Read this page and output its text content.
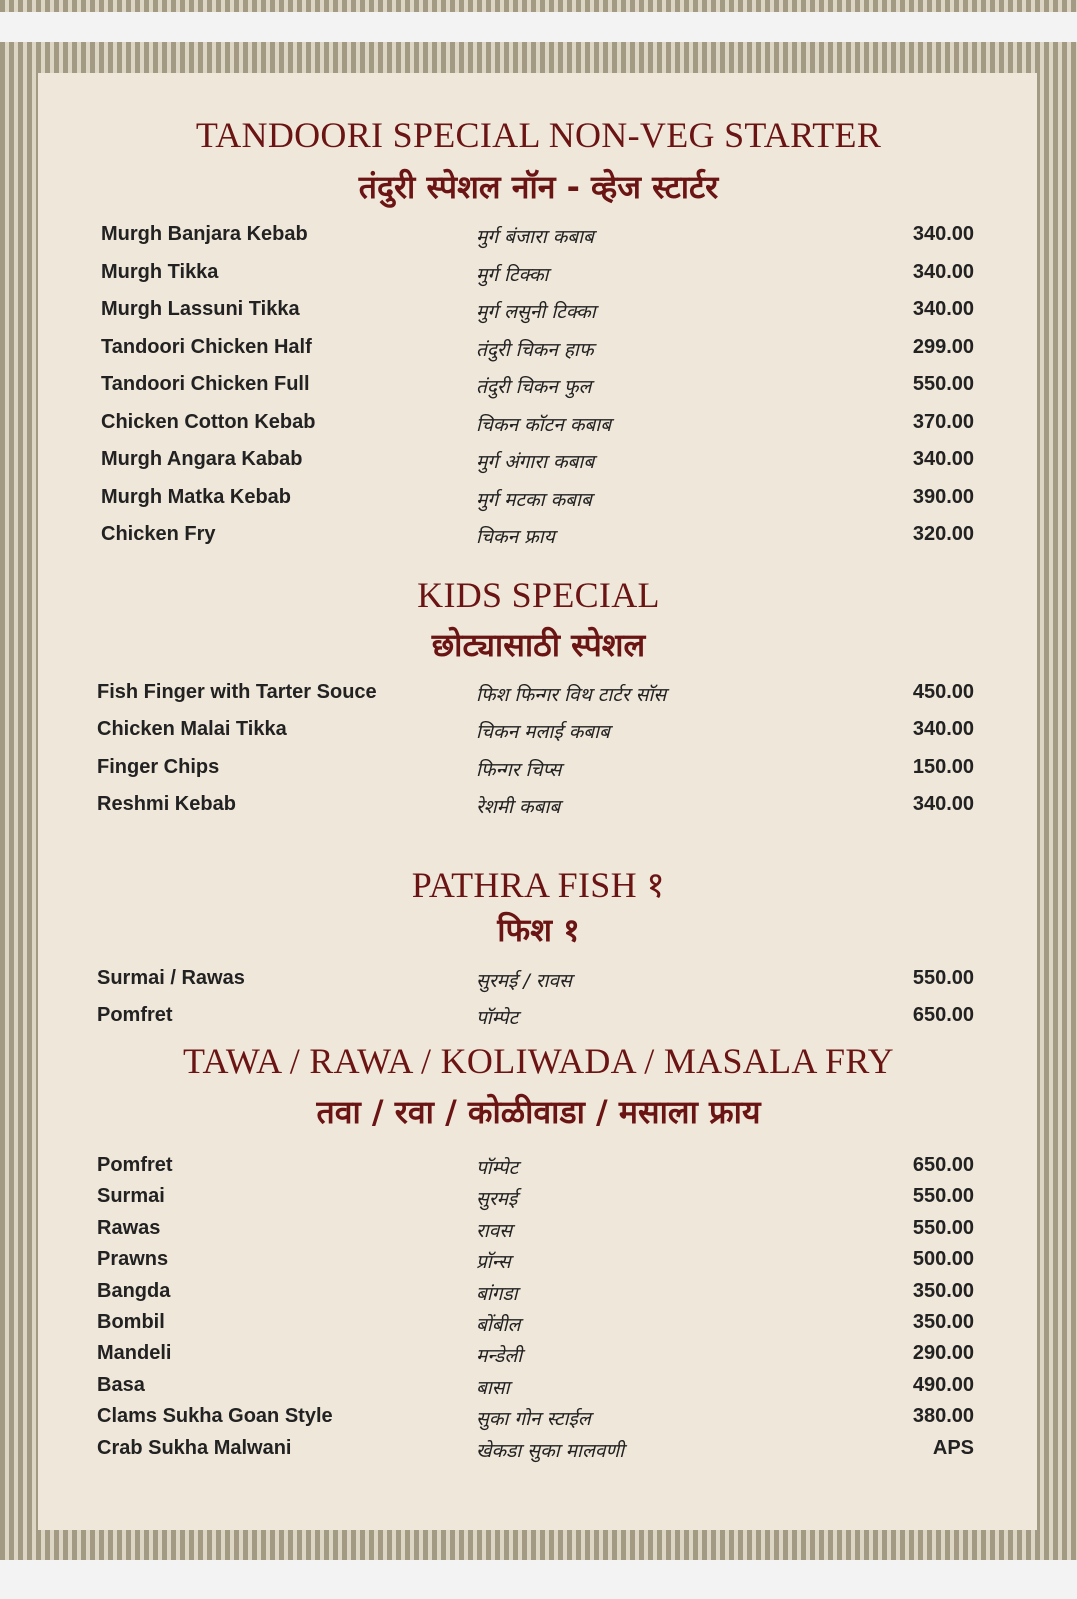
TANDOORI SPECIAL NON-VEG STARTER
तंदुरी स्पेशल नॉन - व्हेज स्टार्टर
KIDS SPECIAL
छोट्यासाठी स्पेशल
PATHRA FISH १
फिश १
TAWA / RAWA / KOLIWADA / MASALA FRY
तवा / रवा / कोळीवाडा / मसाला फ्राय
Murgh Banjara Kebab	मुर्ग बंजारा कबाब	340.00
Murgh Tikka	मुर्ग टिक्का	340.00
Murgh Lassuni Tikka	मुर्ग लसुनी टिक्का	340.00
Tandoori Chicken Half	तंदुरी चिकन हाफ	299.00
Tandoori Chicken Full	तंदुरी चिकन फुल	550.00
Chicken Cotton Kebab	चिकन कॉटन कबाब	370.00
Murgh Angara Kabab	मुर्ग अंगारा कबाब	340.00
Murgh Matka Kebab	मुर्ग मटका कबाब	390.00
Chicken Fry	चिकन फ्राय	320.00
Fish Finger with Tarter Souce	फिश फिन्गर विथ टार्टर सॉस	450.00
Chicken Malai Tikka	चिकन मलाई कबाब	340.00
Finger Chips	फिन्गर चिप्स	150.00
Reshmi Kebab	रेशमी कबाब	340.00
Surmai / Rawas	सुरमई / रावस	550.00
Pomfret	पॉम्पेट	650.00
Pomfret	पॉम्पेट	650.00
Surmai	सुरमई	550.00
Rawas	रावस	550.00
Prawns	प्रॉन्स	500.00
Bangda	बांगडा	350.00
Bombil	बोंबील	350.00
Mandeli	मन्डेली	290.00
Basa	बासा	490.00
Clams Sukha Goan Style	सुका गोन स्टाईल	380.00
Crab Sukha Malwani	खेकडा सुका मालवणी	APS
